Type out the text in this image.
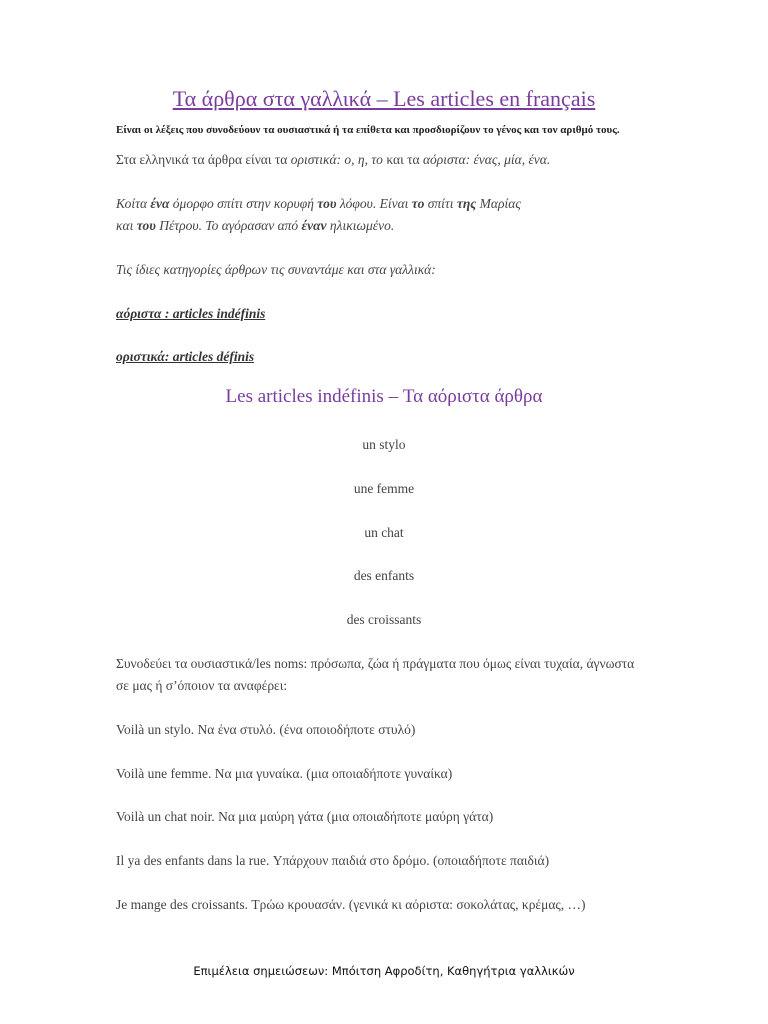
Τα άρθρα στα γαλλικά – Les articles en français
Είναι οι λέξεις που συνοδεύουν τα ουσιαστικά ή τα επίθετα και προσδιορίζουν το γένος και τον αριθμό τους.
Στα ελληνικά τα άρθρα είναι τα οριστικά: ο, η, το και τα αόριστα: ένας, μία, ένα.
Κοίτα ένα όμορφο σπίτι στην κορυφή του λόφου. Είναι το σπίτι της Μαρίας
και του Πέτρου. Το αγόρασαν από έναν ηλικιωμένο.
Τις ίδιες κατηγορίες άρθρων τις συναντάμε και στα γαλλικά:
αόριστα : articles indéfinis
οριστικά: articles définis
Les articles indéfinis – Τα αόριστα άρθρα
un stylo
une femme
un chat
des enfants
des croissants
Συνοδεύει τα ουσιαστικά/les noms: πρόσωπα, ζώα ή πράγματα που όμως είναι τυχαία, άγνωστα σε μας ή σ’όποιον τα αναφέρει:
Voilà un stylo. Να ένα στυλό. (ένα οποιοδήποτε στυλό)
Voilà une femme. Να μια γυναίκα. (μια οποιαδήποτε γυναίκα)
Voilà un chat noir. Να μια μαύρη γάτα (μια οποιαδήποτε μαύρη γάτα)
Il ya des enfants dans la rue. Υπάρχουν παιδιά στο δρόμο. (οποιαδήποτε παιδιά)
Je mange des croissants. Τρώω κρουασάν. (γενικά κι αόριστα: σοκολάτας, κρέμας, …)
Επιμέλεια σημειώσεων: Μπόιτση Αφροδίτη, Καθηγήτρια γαλλικών
